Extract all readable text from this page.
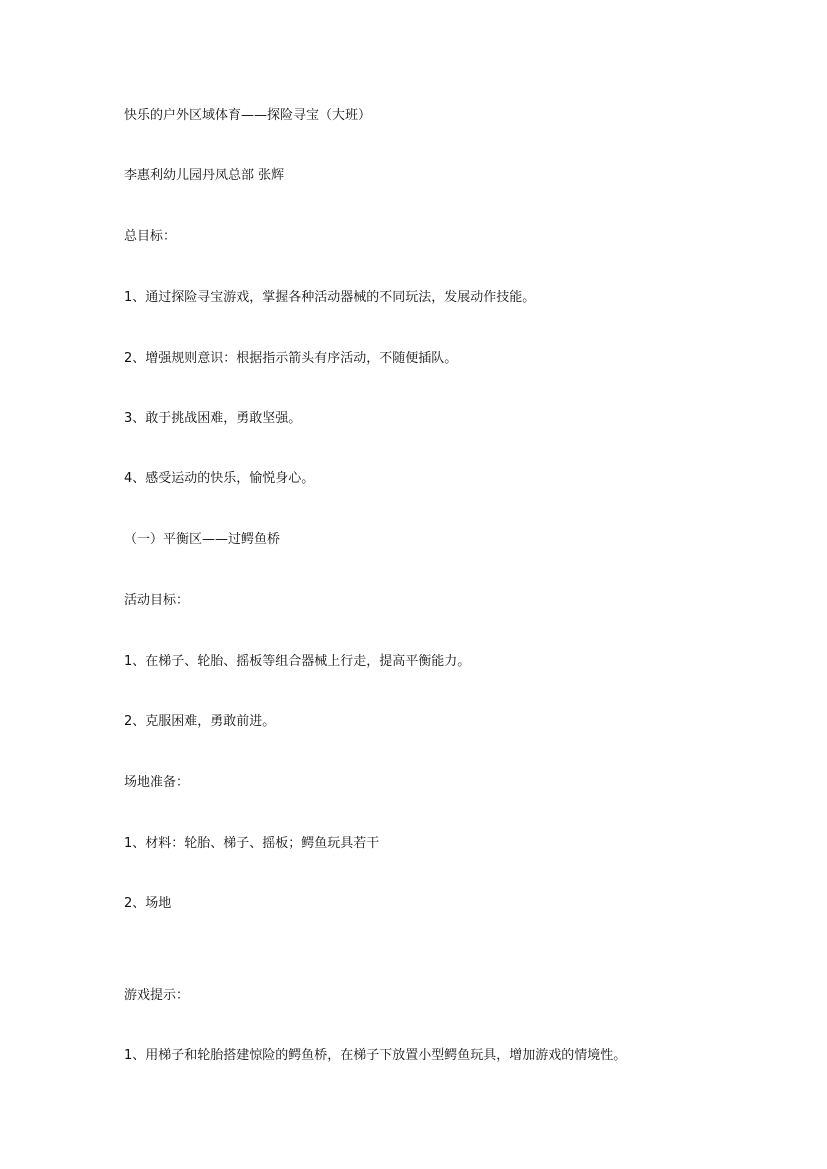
快乐的户外区域体育——探险寻宝（大班）

李惠利幼儿园丹凤总部 张辉

总目标：

1、通过探险寻宝游戏，掌握各种活动器械的不同玩法，发展动作技能。

2、增强规则意识：根据指示箭头有序活动，不随便插队。

3、敢于挑战困难，勇敢坚强。

4、感受运动的快乐，愉悦身心。

（一）平衡区——过鳄鱼桥

活动目标：

1、在梯子、轮胎、摇板等组合器械上行走，提高平衡能力。

2、克服困难，勇敢前进。

场地准备：

1、材料：轮胎、梯子、摇板；鳄鱼玩具若干

2、场地

游戏提示：

1、用梯子和轮胎搭建惊险的鳄鱼桥，在梯子下放置小型鳄鱼玩具，增加游戏的情境性。
